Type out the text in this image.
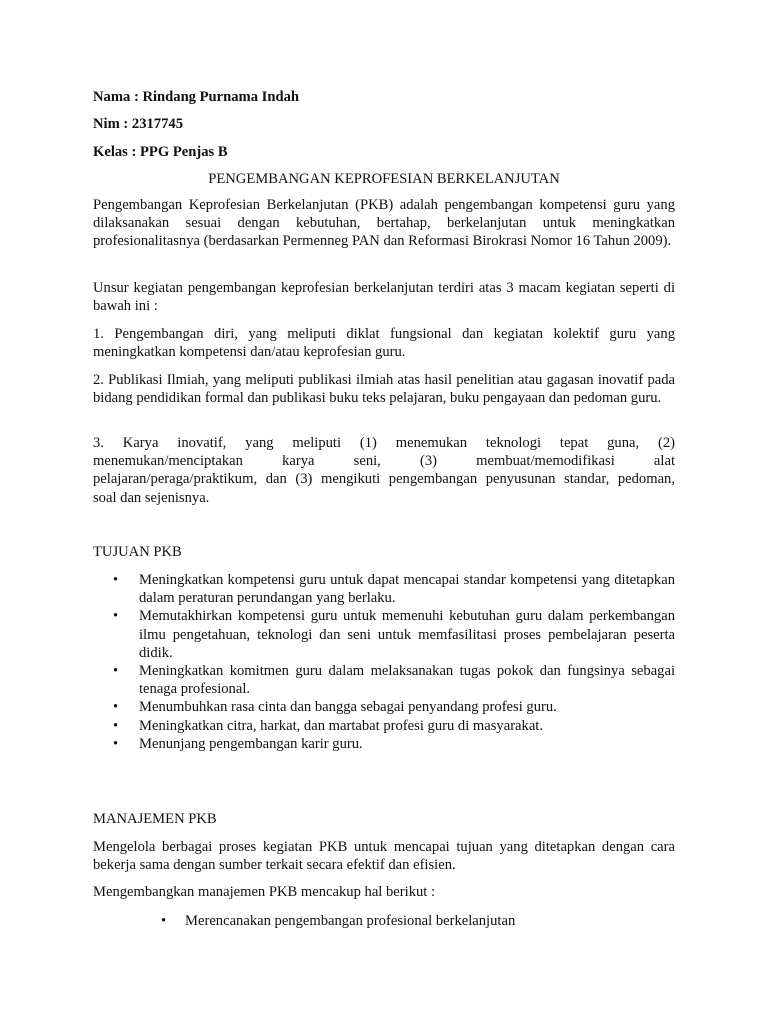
Nama : Rindang Purnama Indah

Nim : 2317745

Kelas : PPG Penjas B

PENGEMBANGAN KEPROFESIAN BERKELANJUTAN

Pengembangan Keprofesian Berkelanjutan (PKB) adalah pengembangan kompetensi guru yang dilaksanakan sesuai dengan kebutuhan, bertahap, berkelanjutan untuk meningkatkan profesionalitasnya (berdasarkan Permenneg PAN dan Reformasi Birokrasi Nomor 16 Tahun 2009).

Unsur kegiatan pengembangan keprofesian berkelanjutan terdiri atas 3 macam kegiatan seperti di bawah ini :

1. Pengembangan diri, yang meliputi diklat fungsional dan kegiatan kolektif guru yang meningkatkan kompetensi dan/atau keprofesian guru.

2. Publikasi Ilmiah, yang meliputi publikasi ilmiah atas hasil penelitian atau gagasan inovatif pada bidang pendidikan formal dan publikasi buku teks pelajaran, buku pengayaan dan pedoman guru.

3. Karya inovatif, yang meliputi (1) menemukan teknologi tepat guna, (2)
menemukan/menciptakan karya seni, (3) membuat/memodifikasi alat
pelajaran/peraga/praktikum, dan (3) mengikuti pengembangan penyusunan standar, pedoman,
soal dan sejenisnya.

TUJUAN PKB

• Meningkatkan kompetensi guru untuk dapat mencapai standar kompetensi yang ditetapkan dalam peraturan perundangan yang berlaku.
• Memutakhirkan kompetensi guru untuk memenuhi kebutuhan guru dalam perkembangan ilmu pengetahuan, teknologi dan seni untuk memfasilitasi proses pembelajaran peserta didik.
• Meningkatkan komitmen guru dalam melaksanakan tugas pokok dan fungsinya sebagai tenaga profesional.
• Menumbuhkan rasa cinta dan bangga sebagai penyandang profesi guru.
• Meningkatkan citra, harkat, dan martabat profesi guru di masyarakat.
• Menunjang pengembangan karir guru.

MANAJEMEN PKB

Mengelola berbagai proses kegiatan PKB untuk mencapai tujuan yang ditetapkan dengan cara bekerja sama dengan sumber terkait secara efektif dan efisien.

Mengembangkan manajemen PKB mencakup hal berikut :

• Merencanakan pengembangan profesional berkelanjutan
